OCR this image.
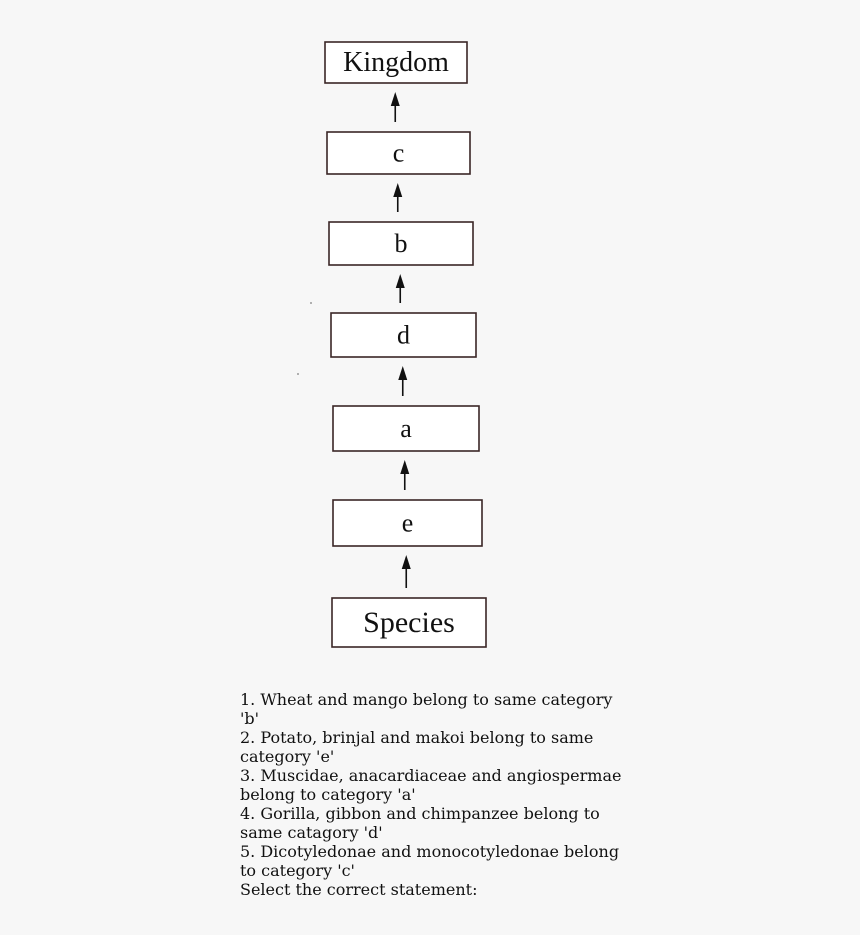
Kingdom
c
b
d
a
e
Species

1. Wheat and mango belong to same category 'b'

2. Potato, brinjal and makoi belong to same category 'e'

3. Muscidae, anacardiaceae and angiospermae belong to category 'a'

4. Gorilla, gibbon and chimpanzee belong to same catagory 'd'

5. Dicotyledonae and monocotyledonae belong to category 'c'

Select the correct statement:
